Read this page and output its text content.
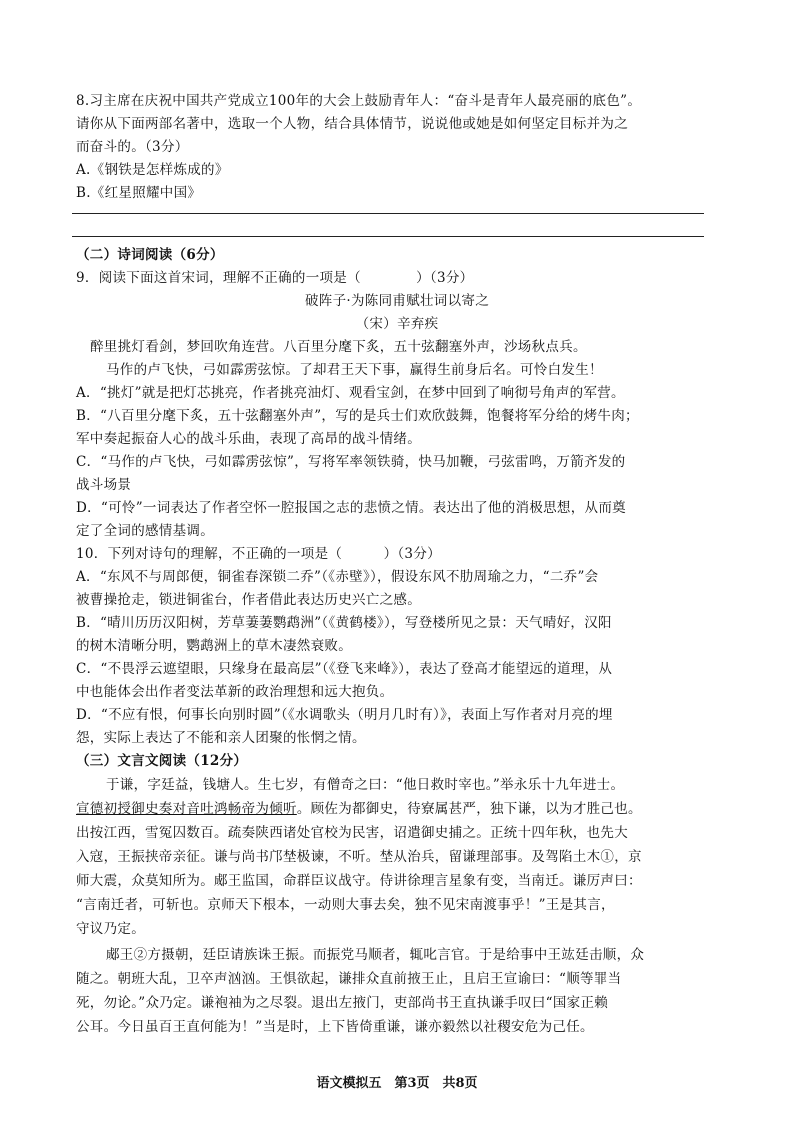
8.习主席在庆祝中国共产党成立100年的大会上鼓励青年人：“奋斗是青年人最亮丽的底色”。
请你从下面两部名著中，选取一个人物，结合具体情节，说说他或她是如何坚定目标并为之
而奋斗的。（3分）
A.《钢铁是怎样炼成的》
B.《红星照耀中国》
（二）诗词阅读（6分）
9．阅读下面这首宋词，理解不正确的一项是（　　　　）（3分）
破阵子·为陈同甫赋壮词以寄之
（宋）辛弃疾
醉里挑灯看剑，梦回吹角连营。八百里分麾下炙，五十弦翻塞外声，沙场秋点兵。
马作的卢飞快，弓如霹雳弦惊。了却君王天下事，赢得生前身后名。可怜白发生！
A．“挑灯”就是把灯芯挑亮，作者挑亮油灯、观看宝剑，在梦中回到了响彻号角声的军营。
B．“八百里分麾下炙，五十弦翻塞外声”，写的是兵士们欢欣鼓舞，饱餐将军分给的烤牛肉；
军中奏起振奋人心的战斗乐曲，表现了高昂的战斗情绪。
C．“马作的卢飞快，弓如霹雳弦惊”，写将军率领铁骑，快马加鞭，弓弦雷鸣，万箭齐发的
战斗场景
D．“可怜”一词表达了作者空怀一腔报国之志的悲愤之情。表达出了他的消极思想，从而奠
定了全词的感情基调。
10．下列对诗句的理解，不正确的一项是（　　　）（3分）
A．“东风不与周郎便，铜雀春深锁二乔”（《赤壁》），假设东风不肋周瑜之力，“二乔”会
被曹操抢走，锁进铜雀台，作者借此表达历史兴亡之感。
B．“晴川历历汉阳树，芳草萋萋鹦鹉洲”（《黄鹤楼》），写登楼所见之景：天气晴好，汉阳
的树木清晰分明，鹦鹉洲上的草木凄然衰败。
C．“不畏浮云遮望眼，只缘身在最高层”（《登飞来峰》），表达了登高才能望远的道理，从
中也能体会出作者变法革新的政治理想和远大抱负。
D．“不应有恨，何事长向别时圆”（《水调歌头（明月几时有）》，表面上写作者对月亮的埋
怨，实际上表达了不能和亲人团聚的怅惘之情。
（三）文言文阅读（12分）
于谦，字廷益，钱塘人。生七岁，有僧奇之曰：“他日救时宰也。”举永乐十九年进士。
宣德初授御史奏对音吐鸿畅帝为倾听。顾佐为都御史，待寮属甚严，独下谦，以为才胜己也。
出按江西，雪冤囚数百。疏奏陕西诸处官校为民害，诏遣御史捕之。正统十四年秋，也先大
入寇，王振挟帝亲征。谦与尚书邝埜极谏，不听。埜从治兵，留谦理部事。及驾陷土木①，京
师大震，众莫知所为。郕王监国，命群臣议战守。侍讲徐理言星象有变，当南迁。谦厉声曰：
“言南迁者，可斩也。京师天下根本，一动则大事去矣，独不见宋南渡事乎！”王是其言，
守议乃定。
郕王②方摄朝，廷臣请族诛王振。而振党马顺者，辄叱言官。于是给事中王竑廷击顺，众
随之。朝班大乱，卫卒声汹汹。王惧欲起，谦排众直前掖王止，且启王宣谕曰：“顺等罪当
死，勿论。”众乃定。谦袍袖为之尽裂。退出左掖门，吏部尚书王直执谦手叹曰“国家正赖
公耳。今日虽百王直何能为！”当是时，上下皆倚重谦，谦亦毅然以社稷安危为己任。
语文模拟五　第3页　共8页
